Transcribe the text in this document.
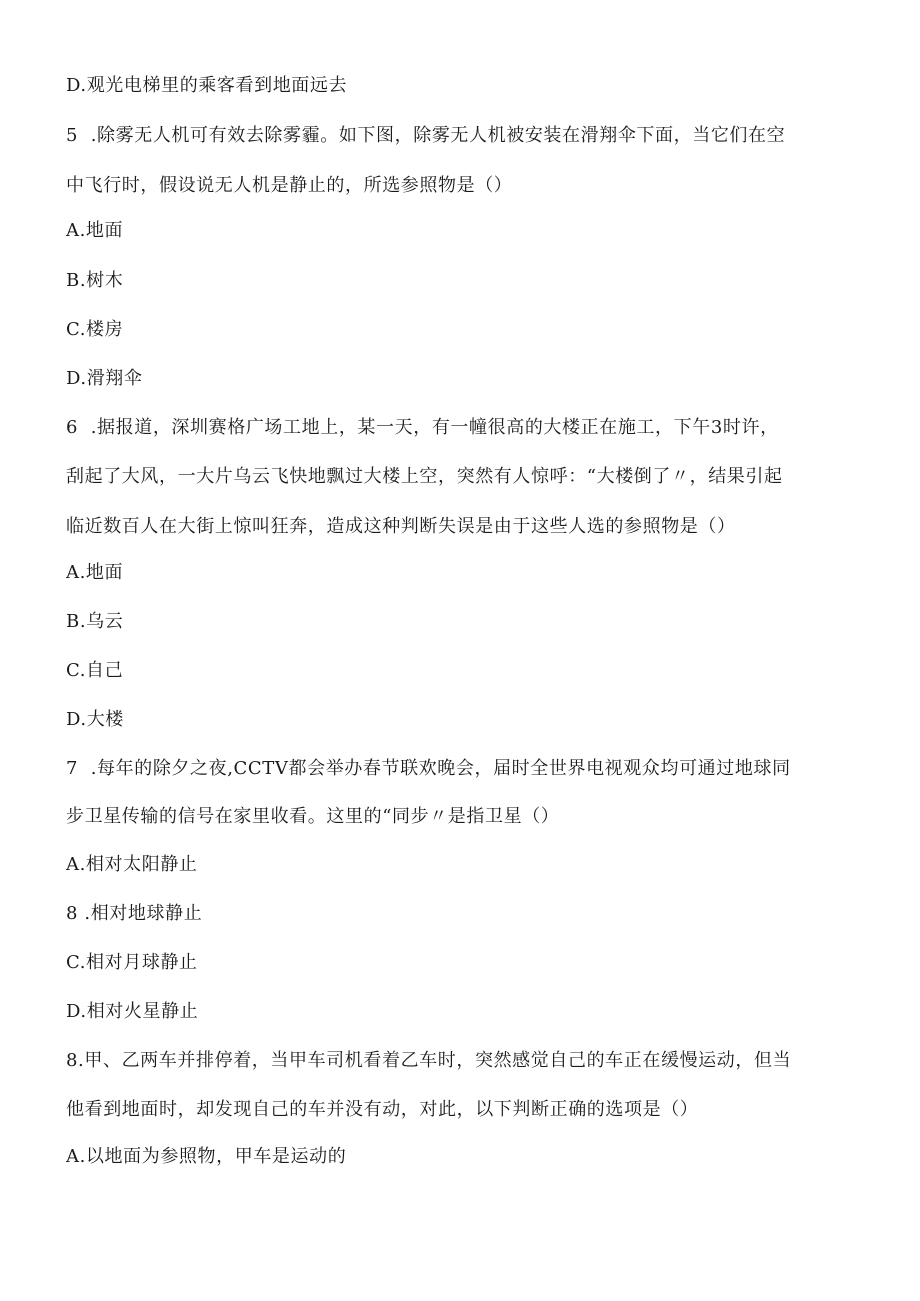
D.观光电梯里的乘客看到地面远去
5  .除雾无人机可有效去除雾霾。如下图，除雾无人机被安装在滑翔伞下面，当它们在空
中飞行时，假设说无人机是静止的，所选参照物是（）
A.地面
B.树木
C.楼房
D.滑翔伞
6  .据报道，深圳赛格广场工地上，某一天，有一幢很高的大楼正在施工，下午3时许，
刮起了大风，一大片乌云飞快地飘过大楼上空，突然有人惊呼：“大楼倒了〃，结果引起
临近数百人在大街上惊叫狂奔，造成这种判断失误是由于这些人选的参照物是（）
A.地面
B.乌云
C.自己
D.大楼
7  .每年的除夕之夜,CCTV都会举办春节联欢晚会，届时全世界电视观众均可通过地球同
步卫星传输的信号在家里收看。这里的“同步〃是指卫星（）
A.相对太阳静止
8 .相对地球静止
C.相对月球静止
D.相对火星静止
8.甲、乙两车并排停着，当甲车司机看着乙车时，突然感觉自己的车正在缓慢运动，但当
他看到地面时，却发现自己的车并没有动，对此，以下判断正确的选项是（）
A.以地面为参照物，甲车是运动的
